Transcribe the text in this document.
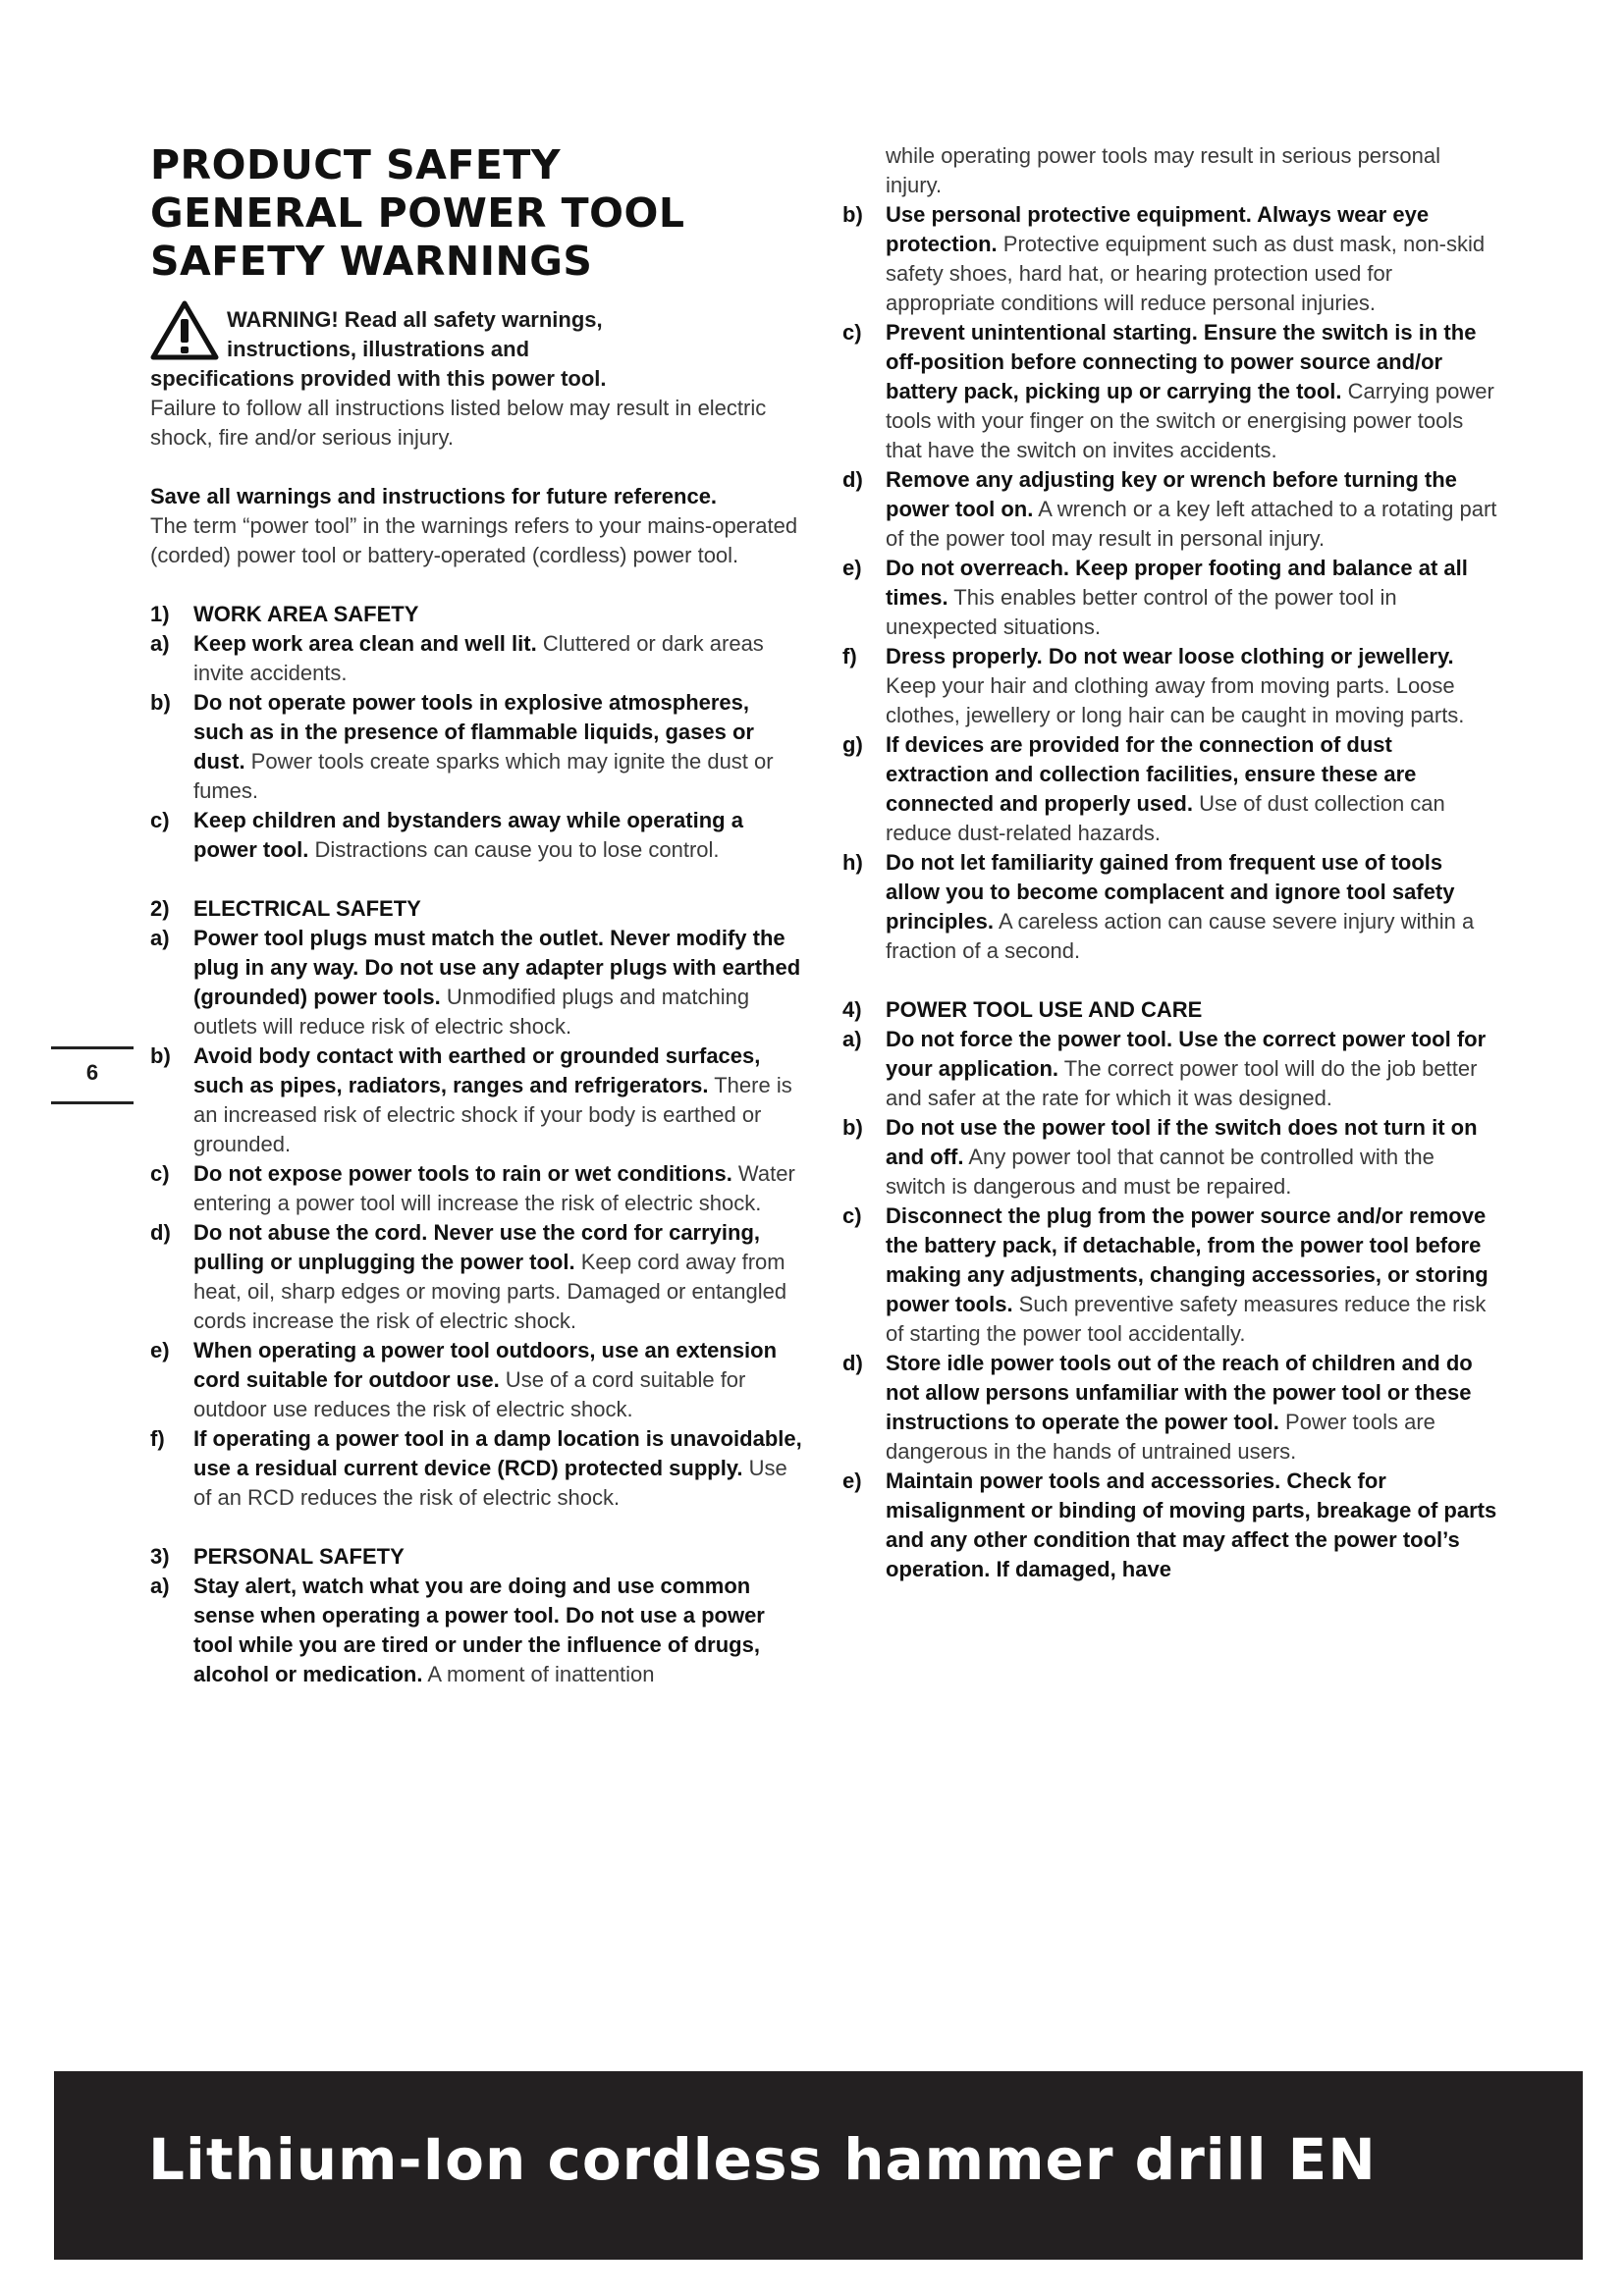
PRODUCT SAFETY
GENERAL POWER TOOL
SAFETY WARNINGS
WARNING! Read all safety warnings,
instructions, illustrations and
specifications provided with this power tool.
Failure to follow all instructions listed below may result in electric shock, fire and/or serious injury.
Save all warnings and instructions for future reference.
The term “power tool” in the warnings refers to your mains-operated (corded) power tool or battery-operated (cordless) power tool.
1)	WORK AREA SAFETY
a)	Keep work area clean and well lit. Cluttered or dark areas invite accidents.
b)	Do not operate power tools in explosive atmospheres, such as in the presence of flammable liquids, gases or dust. Power tools create sparks which may ignite the dust or fumes.
c)	Keep children and bystanders away while operating a power tool. Distractions can cause you to lose control.
2)	ELECTRICAL SAFETY
a)	Power tool plugs must match the outlet. Never modify the plug in any way. Do not use any adapter plugs with earthed (grounded) power tools. Unmodified plugs and matching outlets will reduce risk of electric shock.
b)	Avoid body contact with earthed or grounded surfaces, such as pipes, radiators, ranges and refrigerators. There is an increased risk of electric shock if your body is earthed or grounded.
c)	Do not expose power tools to rain or wet conditions. Water entering a power tool will increase the risk of electric shock.
d)	Do not abuse the cord. Never use the cord for carrying, pulling or unplugging the power tool. Keep cord away from heat, oil, sharp edges or moving parts. Damaged or entangled cords increase the risk of electric shock.
e)	When operating a power tool outdoors, use an extension cord suitable for outdoor use. Use of a cord suitable for outdoor use reduces the risk of electric shock.
f)	If operating a power tool in a damp location is unavoidable, use a residual current device (RCD) protected supply. Use of an RCD reduces the risk of electric shock.
3)	PERSONAL SAFETY
a)	Stay alert, watch what you are doing and use common sense when operating a power tool. Do not use a power tool while you are tired or under the influence of drugs, alcohol or medication. A moment of inattention
6
while operating power tools may result in serious personal injury.
b)	Use personal protective equipment. Always wear eye protection. Protective equipment such as dust mask, non-skid safety shoes, hard hat, or hearing protection used for appropriate conditions will reduce personal injuries.
c)	Prevent unintentional starting. Ensure the switch is in the off-position before connecting to power source and/or battery pack, picking up or carrying the tool. Carrying power tools with your finger on the switch or energising power tools that have the switch on invites accidents.
d)	Remove any adjusting key or wrench before turning the power tool on. A wrench or a key left attached to a rotating part of the power tool may result in personal injury.
e)	Do not overreach. Keep proper footing and balance at all times. This enables better control of the power tool in unexpected situations.
f)	Dress properly. Do not wear loose clothing or jewellery. Keep your hair and clothing away from moving parts. Loose clothes, jewellery or long hair can be caught in moving parts.
g)	If devices are provided for the connection of dust extraction and collection facilities, ensure these are connected and properly used. Use of dust collection can reduce dust-related hazards.
h)	Do not let familiarity gained from frequent use of tools allow you to become complacent and ignore tool safety principles. A careless action can cause severe injury within a fraction of a second.
4)	POWER TOOL USE AND CARE
a)	Do not force the power tool. Use the correct power tool for your application. The correct power tool will do the job better and safer at the rate for which it was designed.
b)	Do not use the power tool if the switch does not turn it on and off. Any power tool that cannot be controlled with the switch is dangerous and must be repaired.
c)	Disconnect the plug from the power source and/or remove the battery pack, if detachable, from the power tool before making any adjustments, changing accessories, or storing power tools. Such preventive safety measures reduce the risk of starting the power tool accidentally.
d)	Store idle power tools out of the reach of children and do not allow persons unfamiliar with the power tool or these instructions to operate the power tool. Power tools are dangerous in the hands of untrained users.
e)	Maintain power tools and accessories. Check for misalignment or binding of moving parts, breakage of parts and any other condition that may affect the power tool’s operation. If damaged, have
Lithium-Ion cordless hammer drill EN
